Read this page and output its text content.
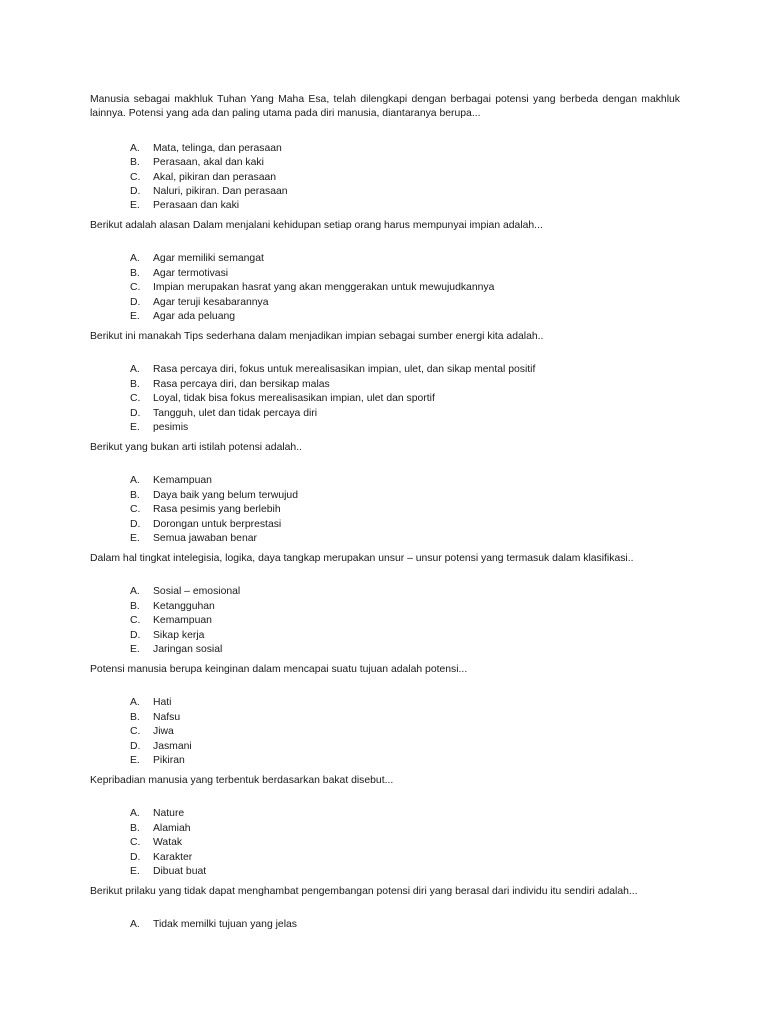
Manusia sebagai makhluk Tuhan Yang Maha Esa, telah dilengkapi dengan berbagai potensi yang berbeda dengan makhluk lainnya. Potensi yang ada dan paling utama pada diri manusia, diantaranya berupa...

A.	Mata, telinga, dan perasaan
B.	Perasaan, akal dan kaki
C.	Akal, pikiran dan perasaan
D.	Naluri, pikiran. Dan perasaan
E.	Perasaan dan kaki

Berikut adalah alasan Dalam menjalani kehidupan setiap orang harus mempunyai impian adalah...

A.	Agar memiliki semangat
B.	Agar termotivasi
C.	Impian merupakan hasrat yang akan menggerakan untuk mewujudkannya
D.	Agar teruji kesabarannya
E.	Agar ada peluang

Berikut ini manakah Tips sederhana dalam menjadikan impian sebagai sumber energi kita adalah..

A.	Rasa percaya diri, fokus untuk merealisasikan impian, ulet, dan sikap mental positif
B.	Rasa percaya diri, dan bersikap malas
C.	Loyal, tidak bisa fokus merealisasikan impian, ulet dan sportif
D.	Tangguh, ulet dan tidak percaya diri
E.	pesimis

Berikut yang bukan arti istilah potensi adalah..

A.	Kemampuan
B.	Daya baik yang belum terwujud
C.	Rasa pesimis yang berlebih
D.	Dorongan untuk berprestasi
E.	Semua jawaban benar

Dalam hal tingkat intelegisia, logika, daya tangkap merupakan unsur – unsur potensi yang termasuk dalam klasifikasi..

A.	Sosial – emosional
B.	Ketangguhan
C.	Kemampuan
D.	Sikap kerja
E.	Jaringan sosial

Potensi manusia berupa keinginan dalam mencapai suatu tujuan adalah potensi...

A.	Hati
B.	Nafsu
C.	Jiwa
D.	Jasmani
E.	Pikiran

Kepribadian manusia yang terbentuk berdasarkan bakat disebut...

A.	Nature
B.	Alamiah
C.	Watak
D.	Karakter
E.	Dibuat buat

Berikut prilaku yang tidak dapat menghambat pengembangan potensi diri yang berasal dari individu itu sendiri adalah...

A.	Tidak memilki tujuan yang jelas
